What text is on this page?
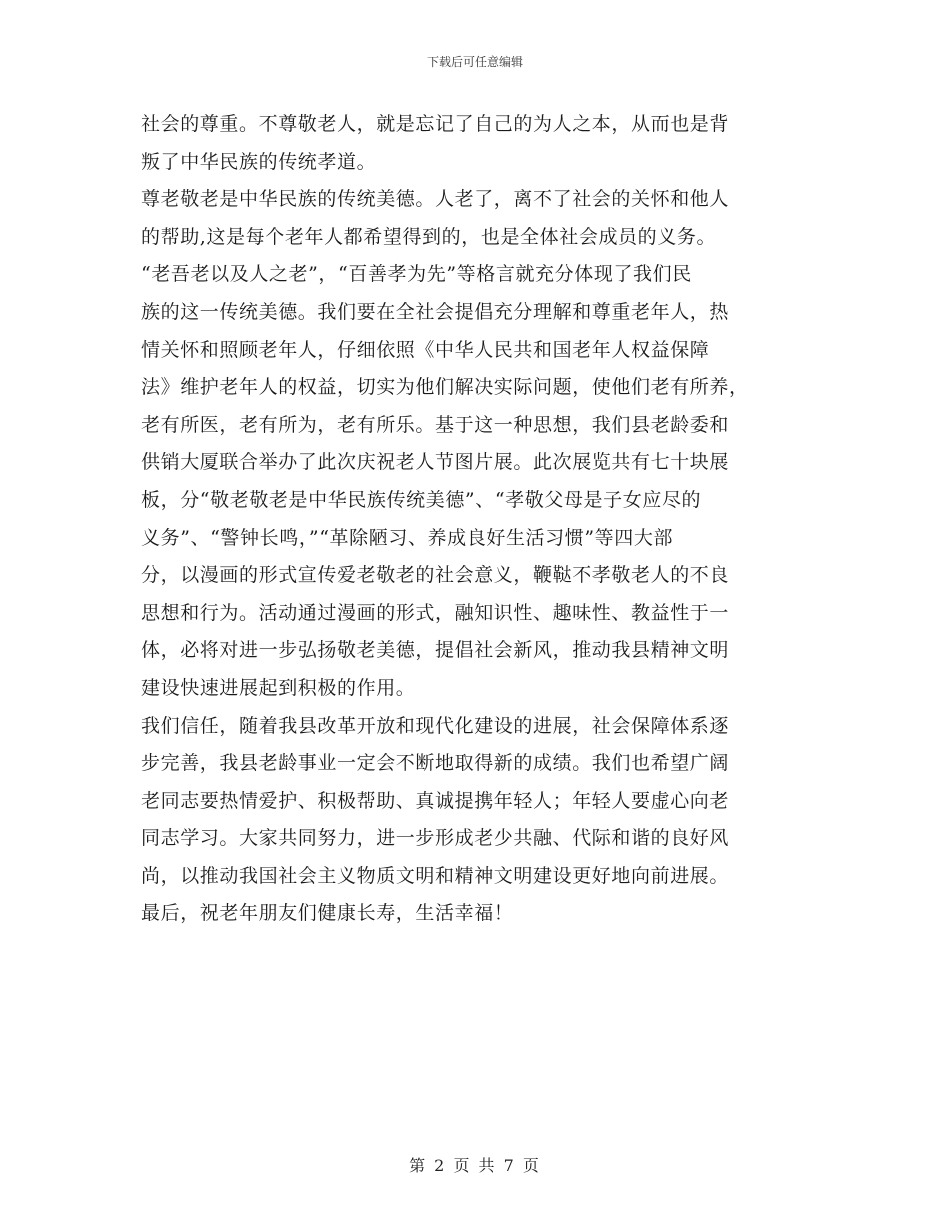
下载后可任意编辑
社会的尊重。不尊敬老人，就是忘记了自己的为人之本，从而也是背
叛了中华民族的传统孝道。
尊老敬老是中华民族的传统美德。人老了，离不了社会的关怀和他人
的帮助,这是每个老年人都希望得到的，也是全体社会成员的义务。
“老吾老以及人之老”，“百善孝为先”等格言就充分体现了我们民
族的这一传统美德。我们要在全社会提倡充分理解和尊重老年人，热
情关怀和照顾老年人，仔细依照《中华人民共和国老年人权益保障
法》维护老年人的权益，切实为他们解决实际问题，使他们老有所养，
老有所医，老有所为，老有所乐。基于这一种思想，我们县老龄委和
供销大厦联合举办了此次庆祝老人节图片展。此次展览共有七十块展
板，分“敬老敬老是中华民族传统美德”、“孝敬父母是子女应尽的
义务”、“警钟长鸣，”“革除陋习、养成良好生活习惯”等四大部
分，以漫画的形式宣传爱老敬老的社会意义，鞭鞑不孝敬老人的不良
思想和行为。活动通过漫画的形式，融知识性、趣味性、教益性于一
体，必将对进一步弘扬敬老美德，提倡社会新风，推动我县精神文明
建设快速进展起到积极的作用。
我们信任，随着我县改革开放和现代化建设的进展，社会保障体系逐
步完善，我县老龄事业一定会不断地取得新的成绩。我们也希望广阔
老同志要热情爱护、积极帮助、真诚提携年轻人；年轻人要虚心向老
同志学习。大家共同努力，进一步形成老少共融、代际和谐的良好风
尚，以推动我国社会主义物质文明和精神文明建设更好地向前进展。
最后，祝老年朋友们健康长寿，生活幸福！
第 2 页 共 7 页
